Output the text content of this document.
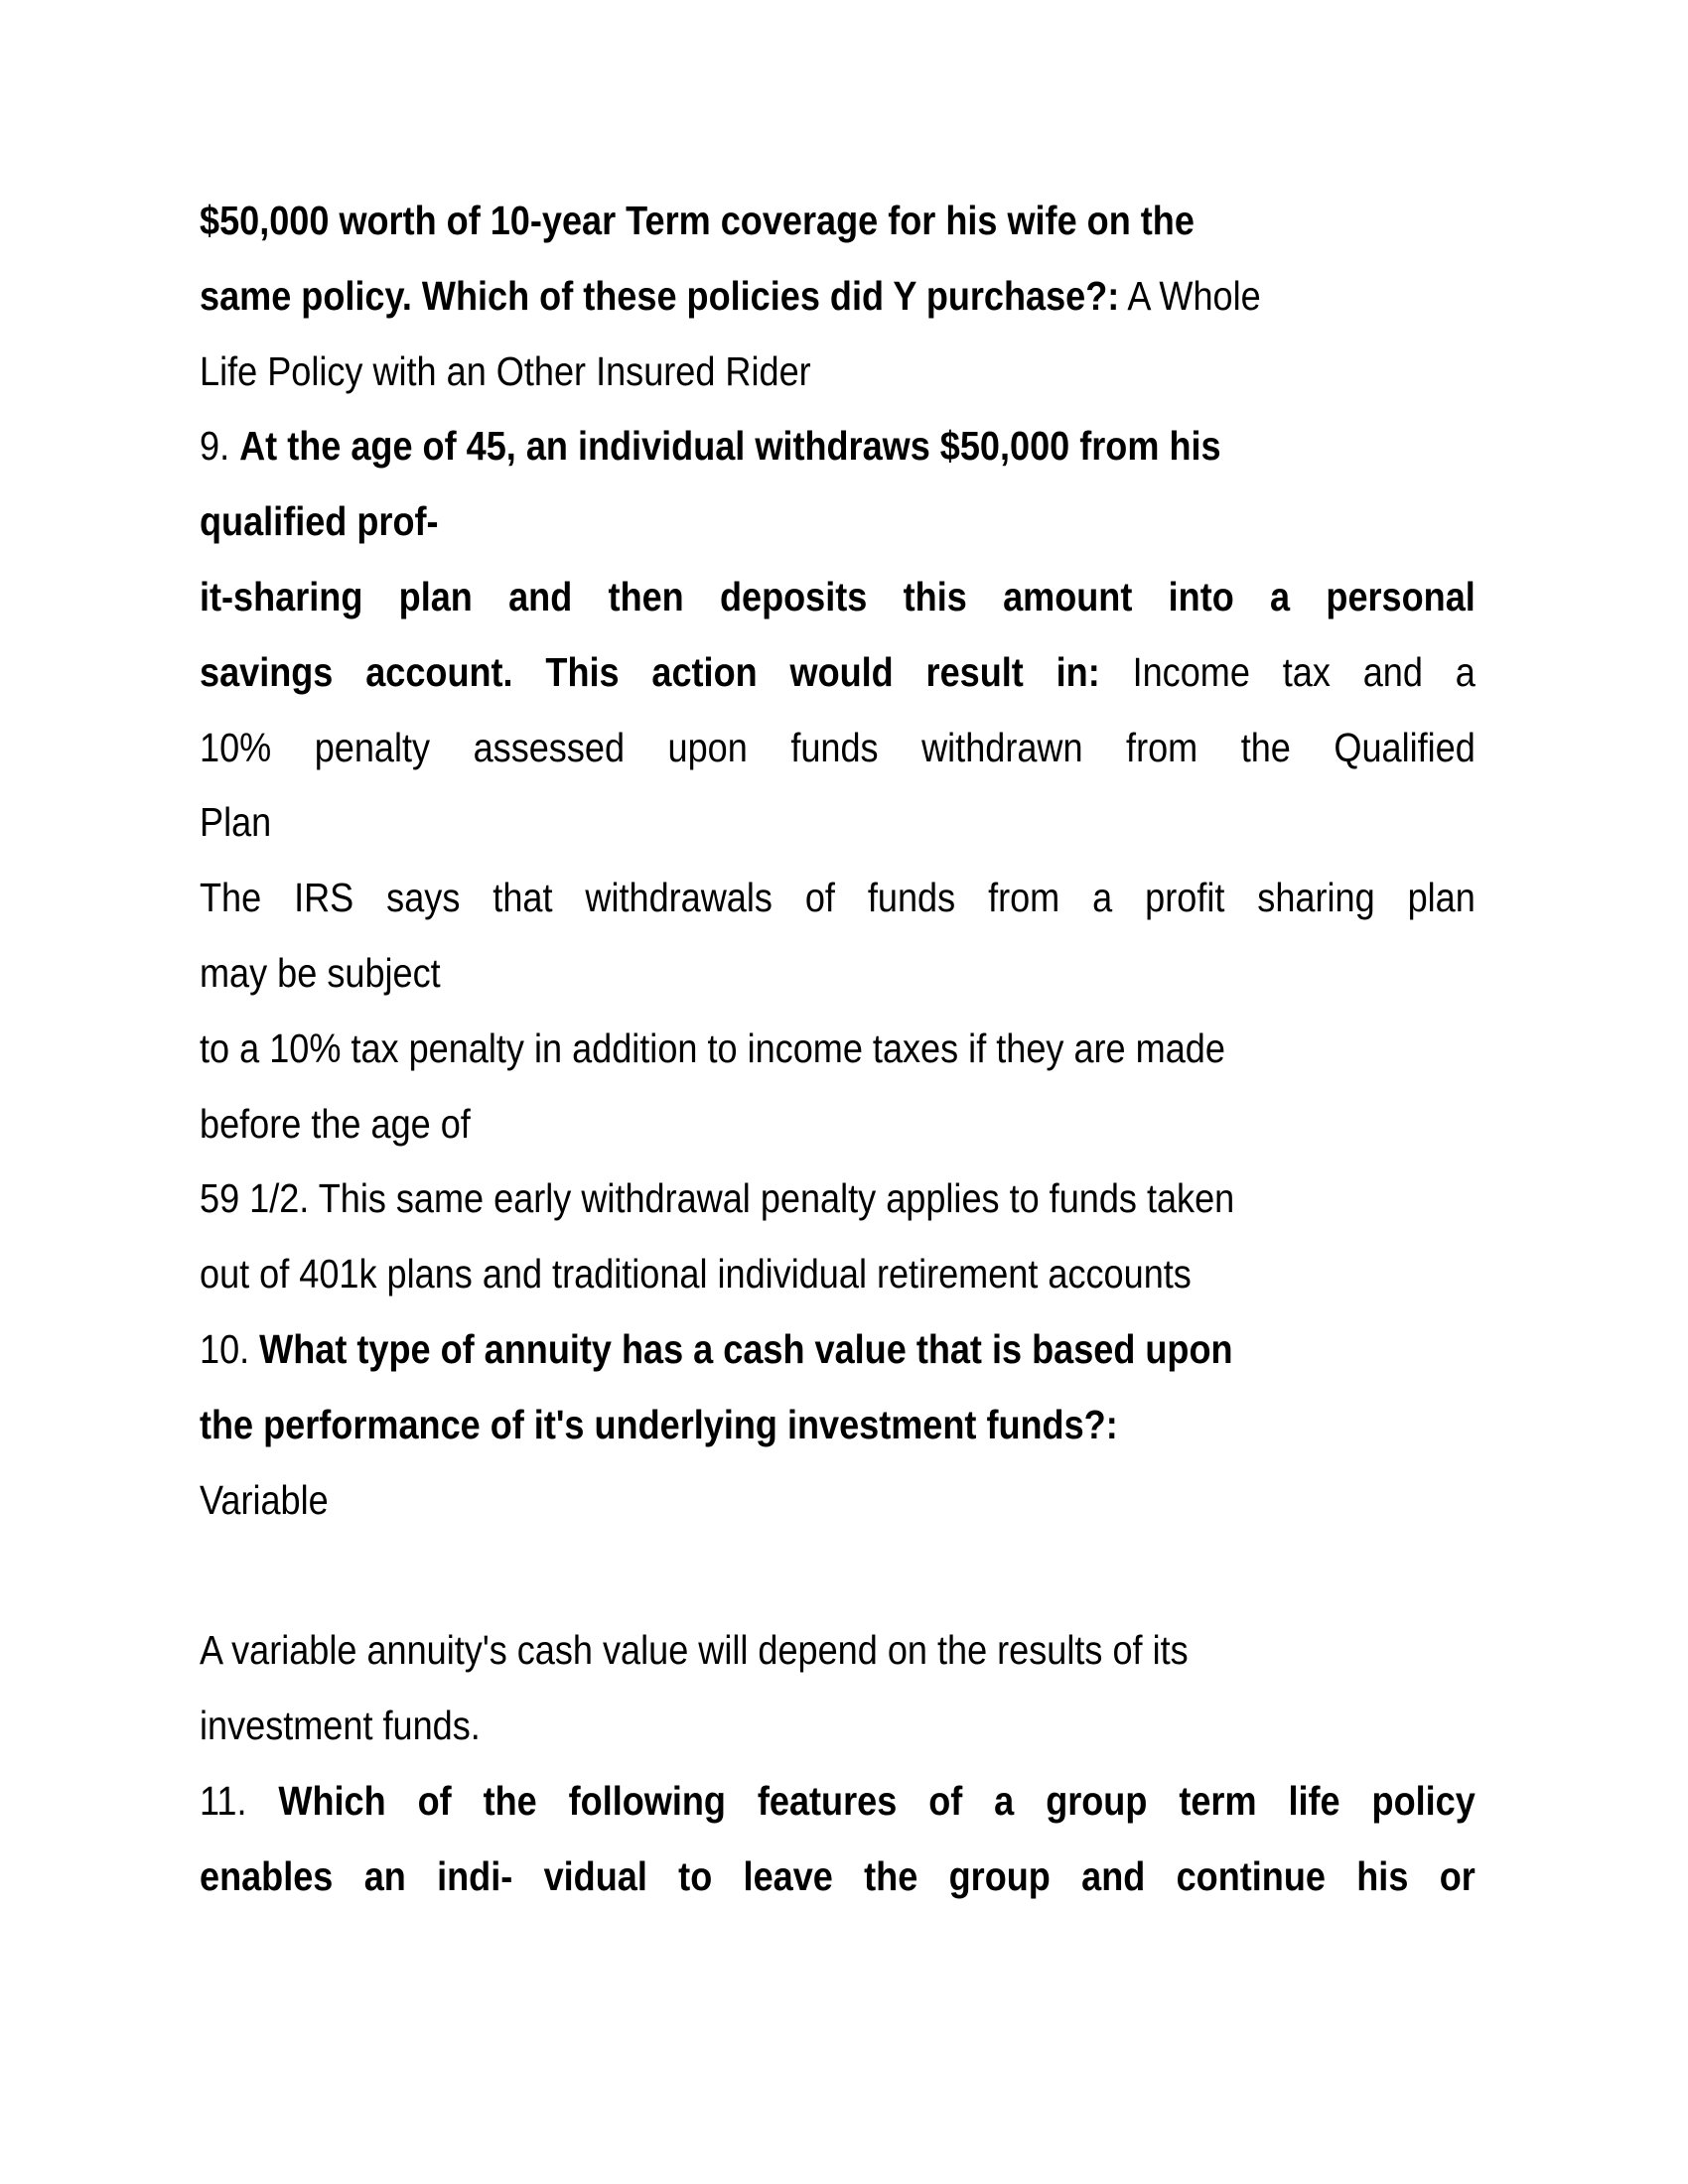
$50,000 worth of 10-year Term coverage for his wife on the
same policy. Which of these policies did Y purchase?: A Whole
Life Policy with an Other Insured Rider
9. At the age of 45, an individual withdraws $50,000 from his
qualified prof-
it-sharing plan and then deposits this amount into a personal
savings account. This action would result in: Income tax and a
10% penalty assessed upon funds withdrawn from the Qualified
Plan
The IRS says that withdrawals of funds from a profit sharing plan
may be subject
to a 10% tax penalty in addition to income taxes if they are made
before the age of
59 1/2. This same early withdrawal penalty applies to funds taken
out of 401k plans and traditional individual retirement accounts
10. What type of annuity has a cash value that is based upon
the performance of it's underlying investment funds?:
Variable
A variable annuity's cash value will depend on the results of its
investment funds.
11. Which of the following features of a group term life policy
enables an indi- vidual to leave the group and continue his or
